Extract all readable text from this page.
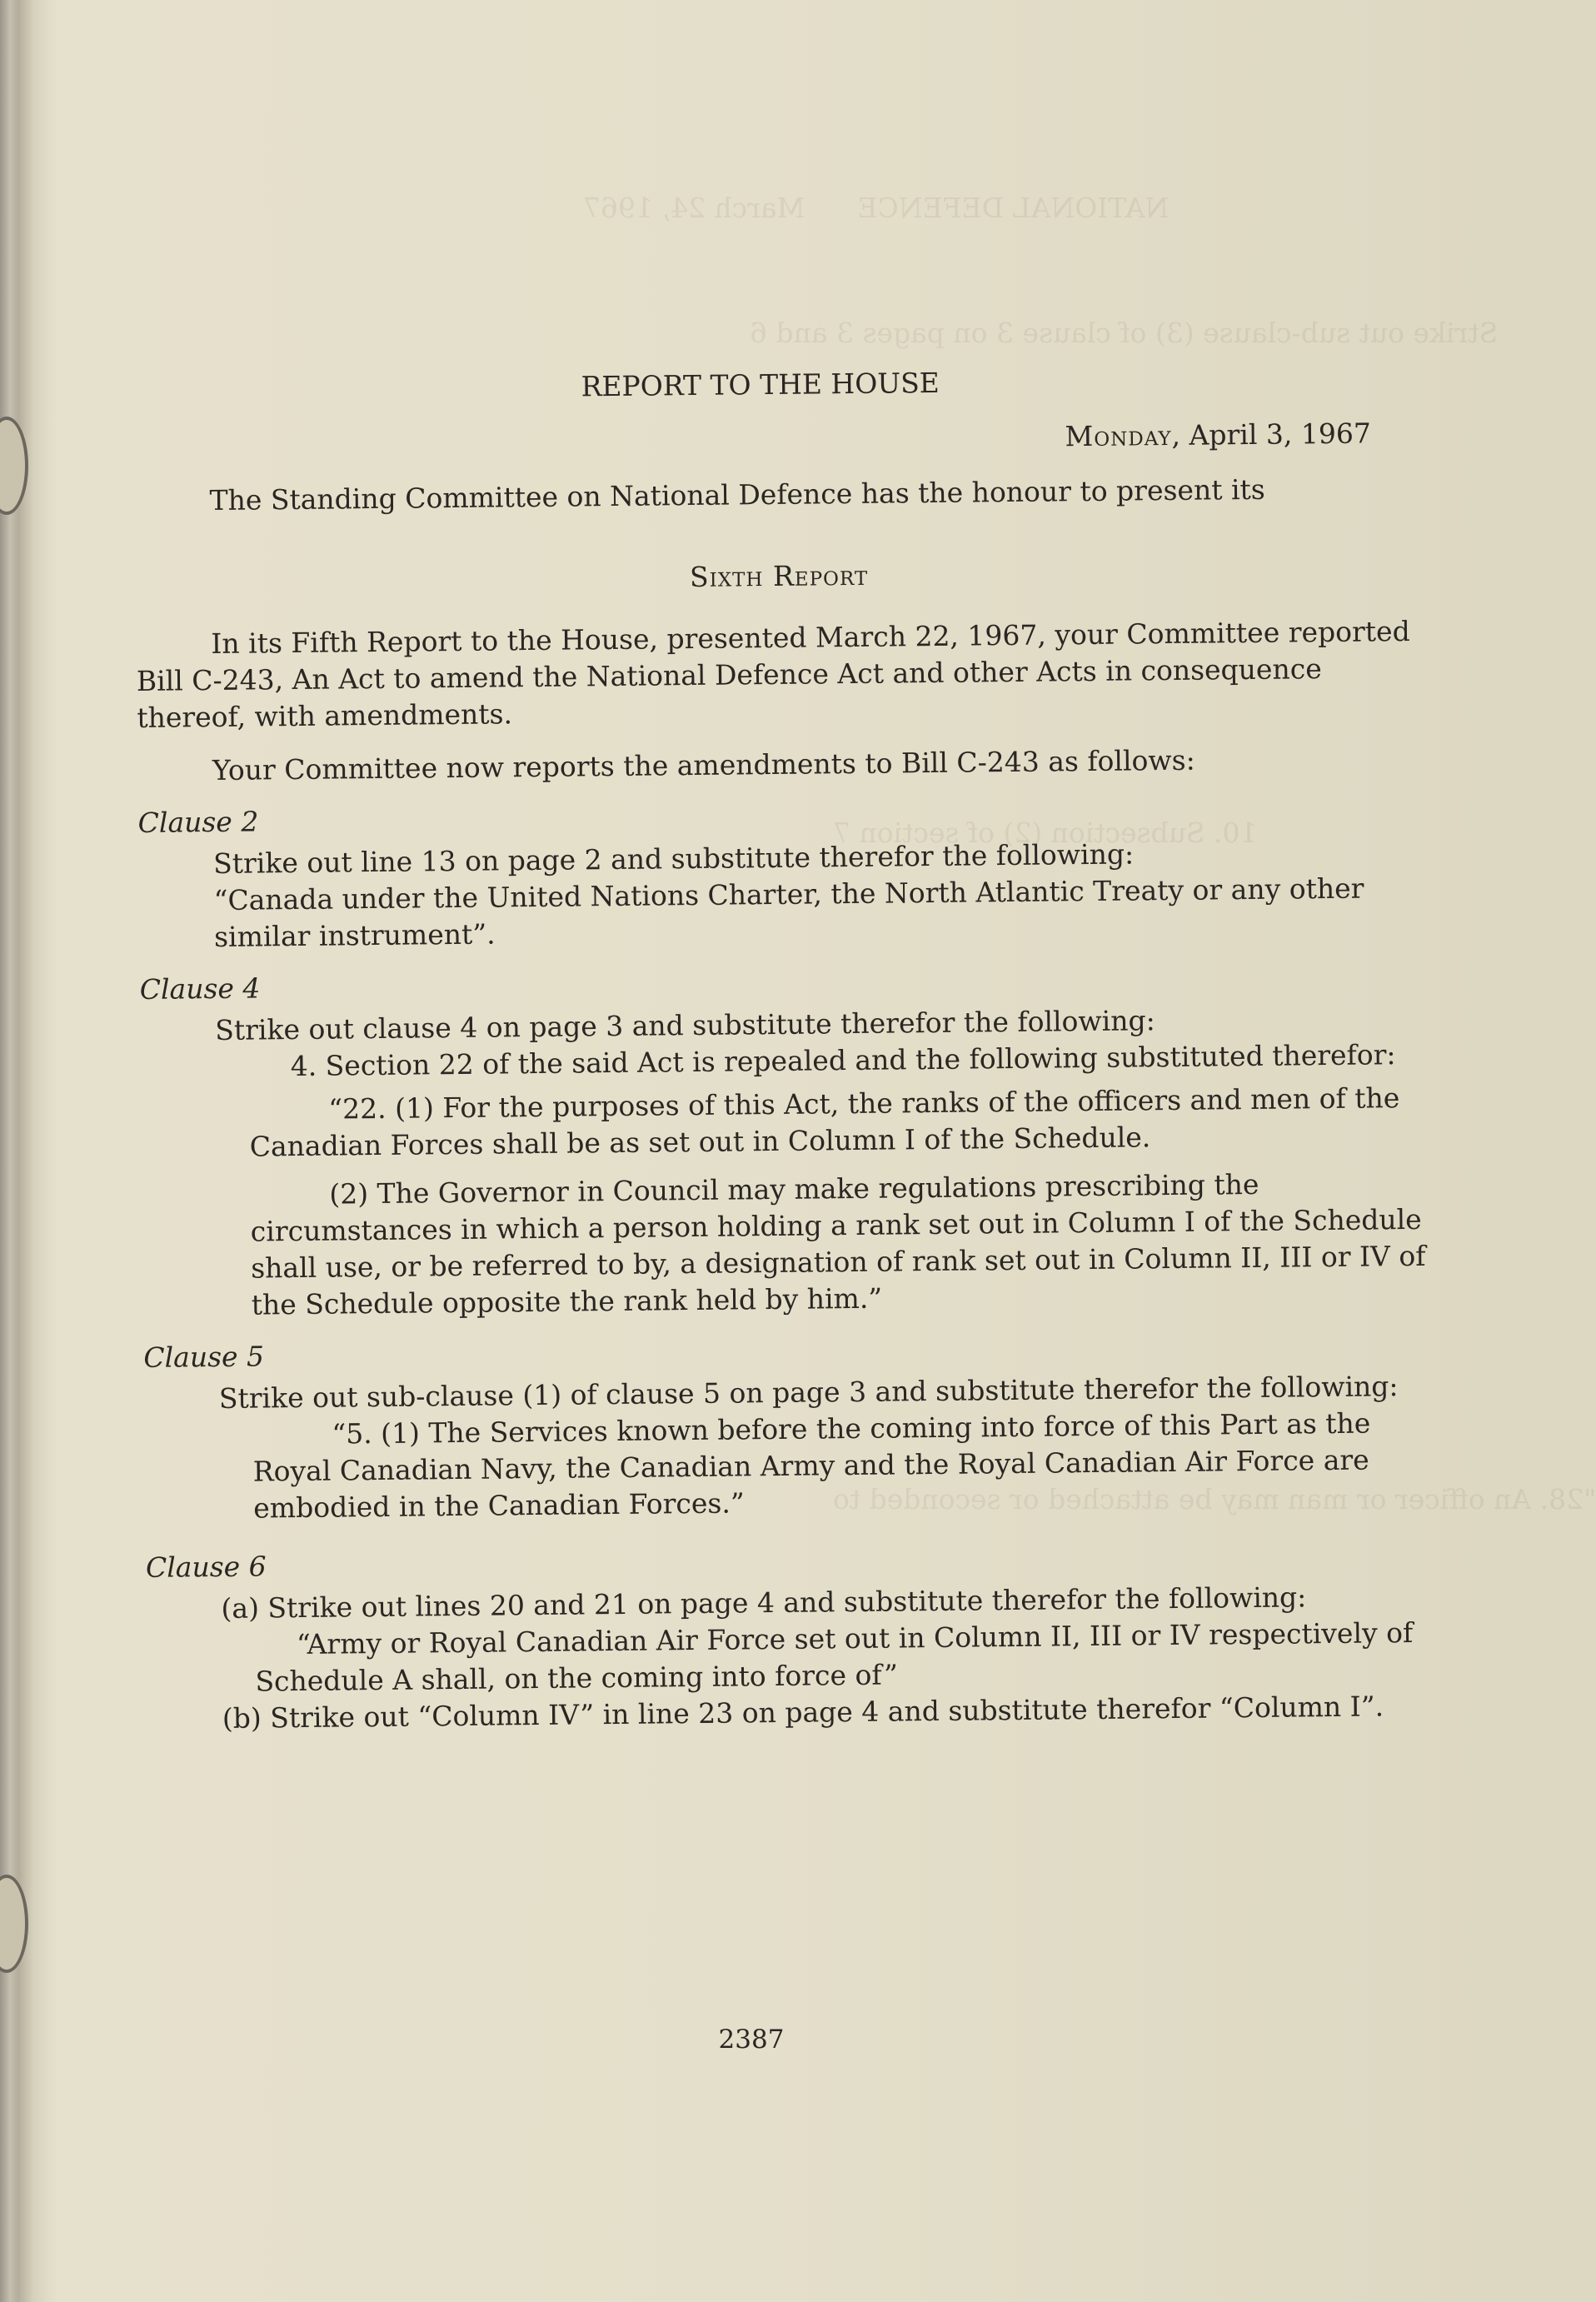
NATIONAL DEFENCE      March 24, 1967
Strike out sub-clause (3) of clause 3 on pages 3 and 6
10. Subsection (2) of section 7
"28. An officer or man may be attached or seconded to

REPORT TO THE HOUSE

Monday, April 3, 1967

The Standing Committee on National Defence has the honour to present its

Sixth Report

In its Fifth Report to the House, presented March 22, 1967, your Committee reported Bill C-243, An Act to amend the National Defence Act and other Acts in consequence thereof, with amendments.

Your Committee now reports the amendments to Bill C-243 as follows:

Clause 2

Strike out line 13 on page 2 and substitute therefor the following:

“Canada under the United Nations Charter, the North Atlantic Treaty or any other similar instrument”.

Clause 4

Strike out clause 4 on page 3 and substitute therefor the following:

4. Section 22 of the said Act is repealed and the following substituted therefor:

“22. (1) For the purposes of this Act, the ranks of the officers and men of the Canadian Forces shall be as set out in Column I of the Schedule.

(2) The Governor in Council may make regulations prescribing the circumstances in which a person holding a rank set out in Column I of the Schedule shall use, or be referred to by, a designation of rank set out in Column II, III or IV of the Schedule opposite the rank held by him.”

Clause 5

Strike out sub-clause (1) of clause 5 on page 3 and substitute therefor the following:

“5. (1) The Services known before the coming into force of this Part as the Royal Canadian Navy, the Canadian Army and the Royal Canadian Air Force are embodied in the Canadian Forces.”

Clause 6

(a) Strike out lines 20 and 21 on page 4 and substitute therefor the following:

“Army or Royal Canadian Air Force set out in Column II, III or IV respectively of Schedule A shall, on the coming into force of”

(b) Strike out “Column IV” in line 23 on page 4 and substitute therefor “Column I”.

2387
